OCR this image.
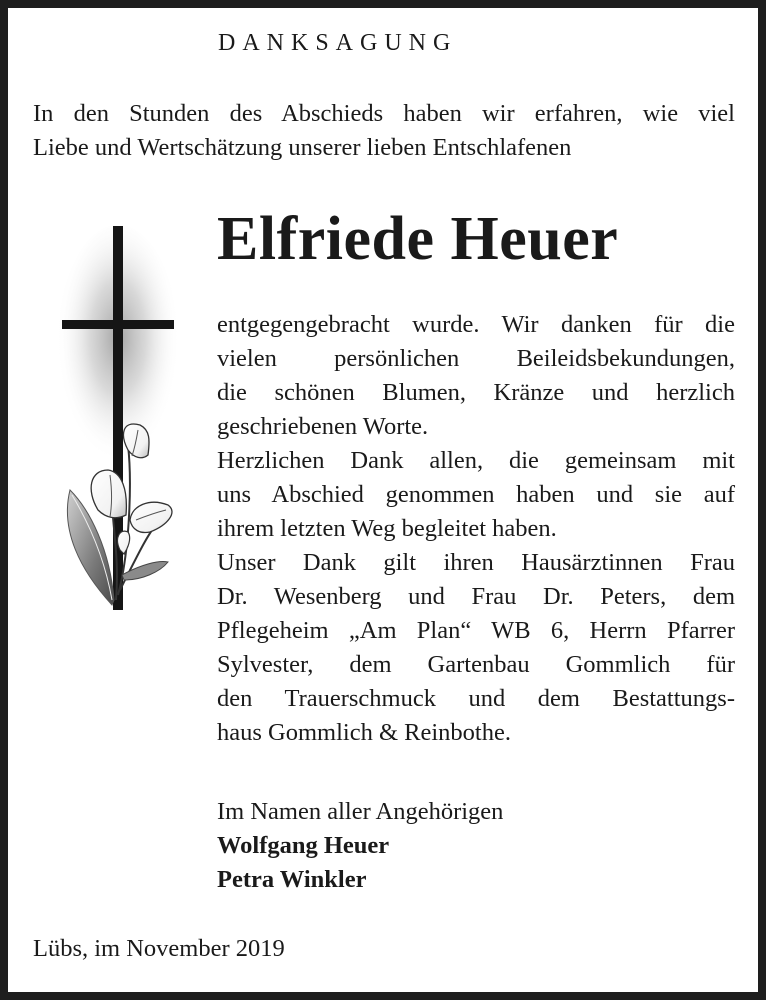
DANKSAGUNG
In den Stunden des Abschieds haben wir erfahren, wie viel
Liebe und Wertschätzung unserer lieben Entschlafenen
Elfriede Heuer
entgegengebracht wurde. Wir danken für die
vielen persönlichen Beileidsbekundungen,
die schönen Blumen, Kränze und herzlich
geschriebenen Worte.
Herzlichen Dank allen, die gemeinsam mit
uns Abschied genommen haben und sie auf
ihrem letzten Weg begleitet haben.
Unser Dank gilt ihren Hausärztinnen Frau
Dr. Wesenberg und Frau Dr. Peters, dem
Pflegeheim „Am Plan“ WB 6, Herrn Pfarrer
Sylvester, dem Gartenbau Gommlich für
den Trauerschmuck und dem Bestattungs-
haus Gommlich & Reinbothe.
Im Namen aller Angehörigen
Wolfgang Heuer
Petra Winkler
Lübs, im November 2019
